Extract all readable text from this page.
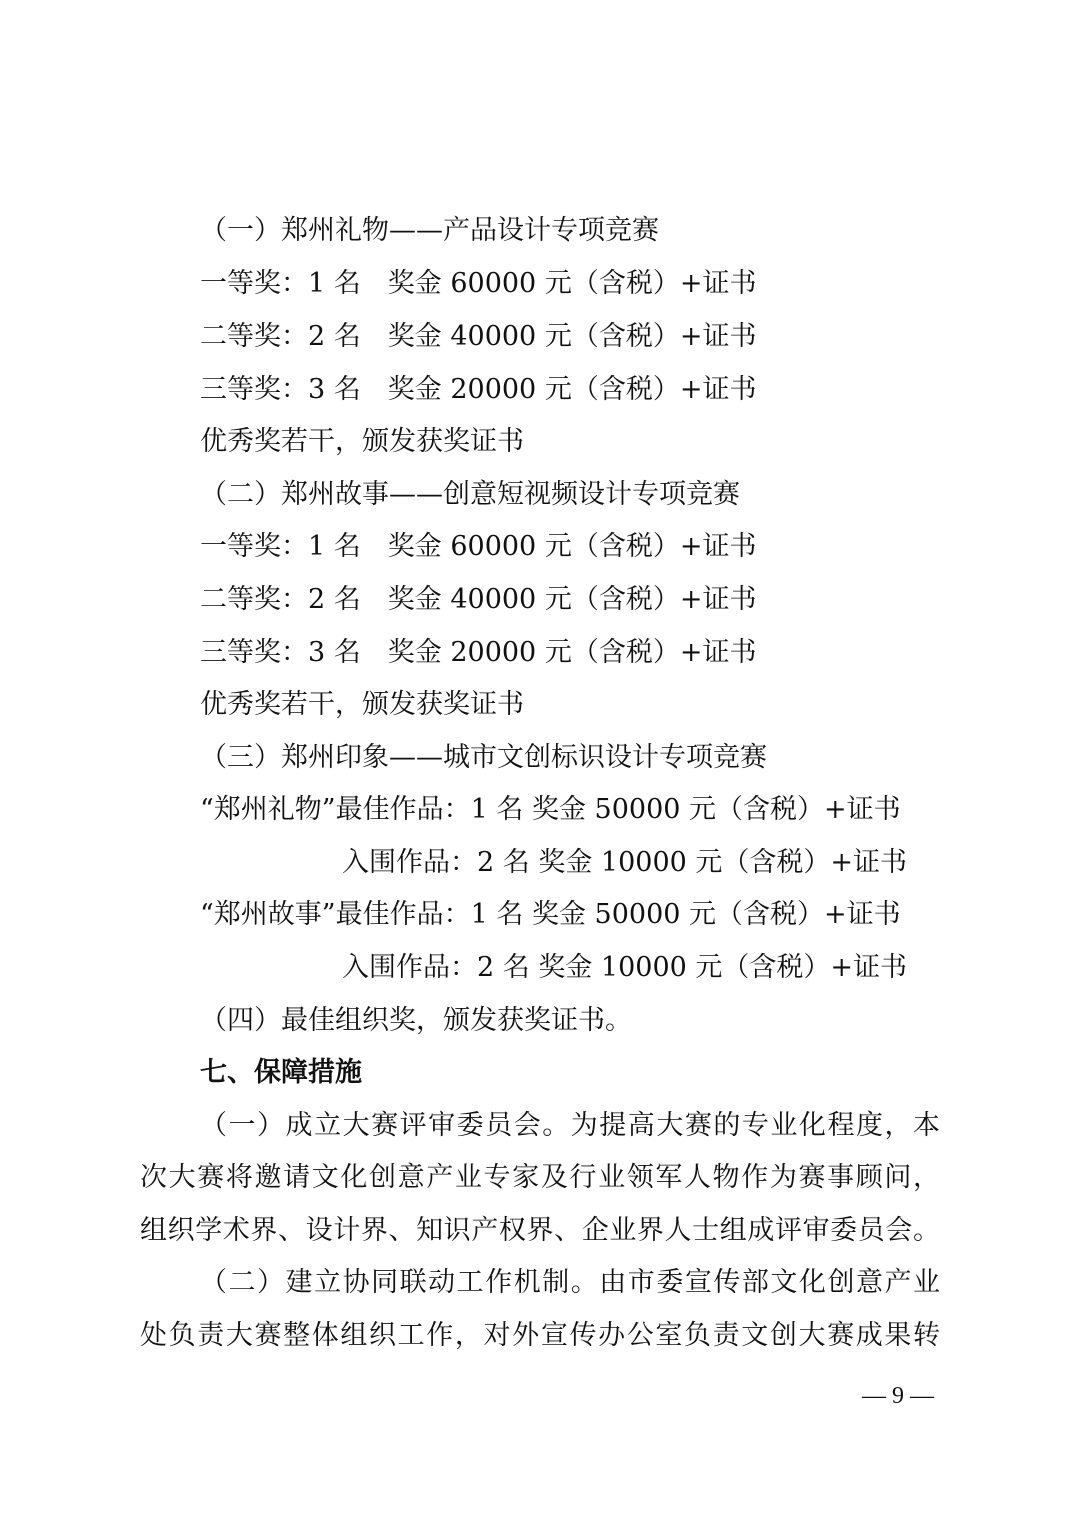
（一）郑州礼物——产品设计专项竞赛
一等奖：1 名　奖金 60000 元（含税）+证书
二等奖：2 名　奖金 40000 元（含税）+证书
三等奖：3 名　奖金 20000 元（含税）+证书
优秀奖若干，颁发获奖证书
（二）郑州故事——创意短视频设计专项竞赛
一等奖：1 名　奖金 60000 元（含税）+证书
二等奖：2 名　奖金 40000 元（含税）+证书
三等奖：3 名　奖金 20000 元（含税）+证书
优秀奖若干，颁发获奖证书
（三）郑州印象——城市文创标识设计专项竞赛
“郑州礼物”最佳作品：1 名 奖金 50000 元（含税）+证书
入围作品：2 名 奖金 10000 元（含税）+证书
“郑州故事”最佳作品：1 名 奖金 50000 元（含税）+证书
入围作品：2 名 奖金 10000 元（含税）+证书
（四）最佳组织奖，颁发获奖证书。
七、保障措施
（一）成立大赛评审委员会。为提高大赛的专业化程度，本
次大赛将邀请文化创意产业专家及行业领军人物作为赛事顾问，
组织学术界、设计界、知识产权界、企业界人士组成评审委员会。
（二）建立协同联动工作机制。由市委宣传部文化创意产业
处负责大赛整体组织工作，对外宣传办公室负责文创大赛成果转
— 9 —
